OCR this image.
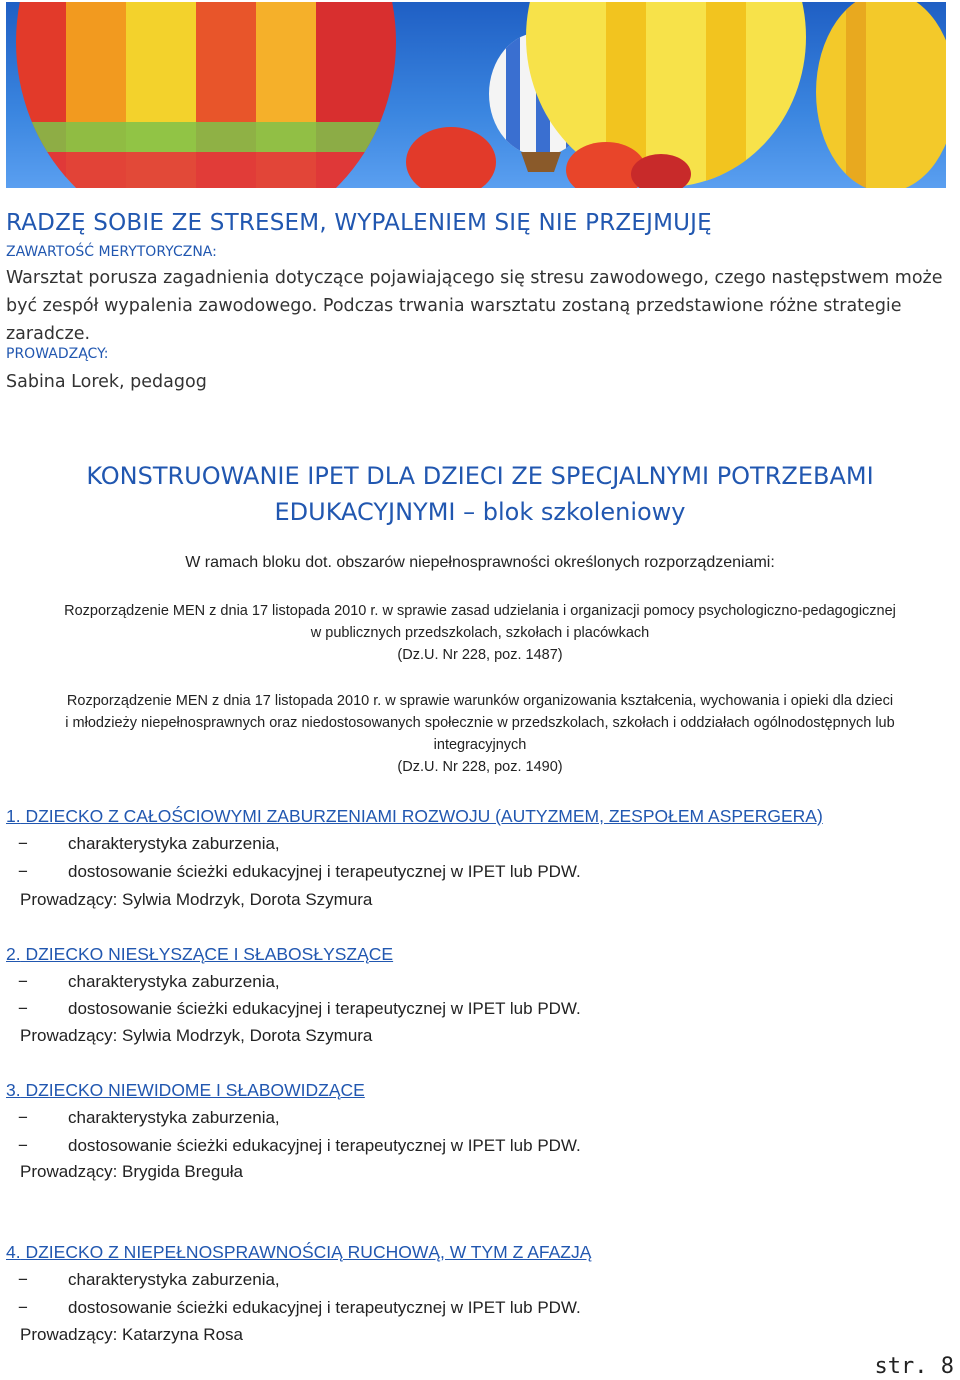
RADZĘ SOBIE ZE STRESEM, WYPALENIEM SIĘ NIE PRZEJMUJĘ
ZAWARTOŚĆ MERYTORYCZNA:
Warsztat porusza zagadnienia dotyczące pojawiającego się stresu zawodowego, czego następstwem może
być zespół wypalenia zawodowego. Podczas trwania warsztatu zostaną przedstawione różne strategie
zaradcze.
PROWADZĄCY:
Sabina Lorek, pedagog
KONSTRUOWANIE IPET DLA DZIECI ZE SPECJALNYMI POTRZEBAMI
EDUKACYJNYMI – blok szkoleniowy
W ramach bloku dot. obszarów niepełnosprawności określonych rozporządzeniami:
Rozporządzenie MEN z dnia 17 listopada 2010 r. w sprawie zasad udzielania i organizacji pomocy psychologiczno-pedagogicznej
w publicznych przedszkolach, szkołach i placówkach
(Dz.U. Nr 228, poz. 1487)
Rozporządzenie MEN z dnia 17 listopada 2010 r. w sprawie warunków organizowania kształcenia, wychowania i opieki dla dzieci
i młodzieży niepełnosprawnych oraz niedostosowanych społecznie w przedszkolach, szkołach i oddziałach ogólnodostępnych lub
integracyjnych
(Dz.U. Nr 228, poz. 1490)
1. DZIECKO Z CAŁOŚCIOWYMI ZABURZENIAMI ROZWOJU (AUTYZMEM, ZESPOŁEM ASPERGERA)
− charakterystyka zaburzenia,
− dostosowanie ścieżki edukacyjnej i terapeutycznej w IPET lub PDW.
Prowadzący: Sylwia Modrzyk, Dorota Szymura
2. DZIECKO NIESŁYSZĄCE I SŁABOSŁYSZĄCE
− charakterystyka zaburzenia,
− dostosowanie ścieżki edukacyjnej i terapeutycznej w IPET lub PDW.
Prowadzący: Sylwia Modrzyk, Dorota Szymura
3. DZIECKO NIEWIDOME I SŁABOWIDZĄCE
− charakterystyka zaburzenia,
− dostosowanie ścieżki edukacyjnej i terapeutycznej w IPET lub PDW.
Prowadzący: Brygida Breguła
4. DZIECKO Z NIEPEŁNOSPRAWNOŚCIĄ RUCHOWĄ, W TYM Z AFAZJĄ
− charakterystyka zaburzenia,
− dostosowanie ścieżki edukacyjnej i terapeutycznej w IPET lub PDW.
Prowadzący: Katarzyna Rosa
str. 8
